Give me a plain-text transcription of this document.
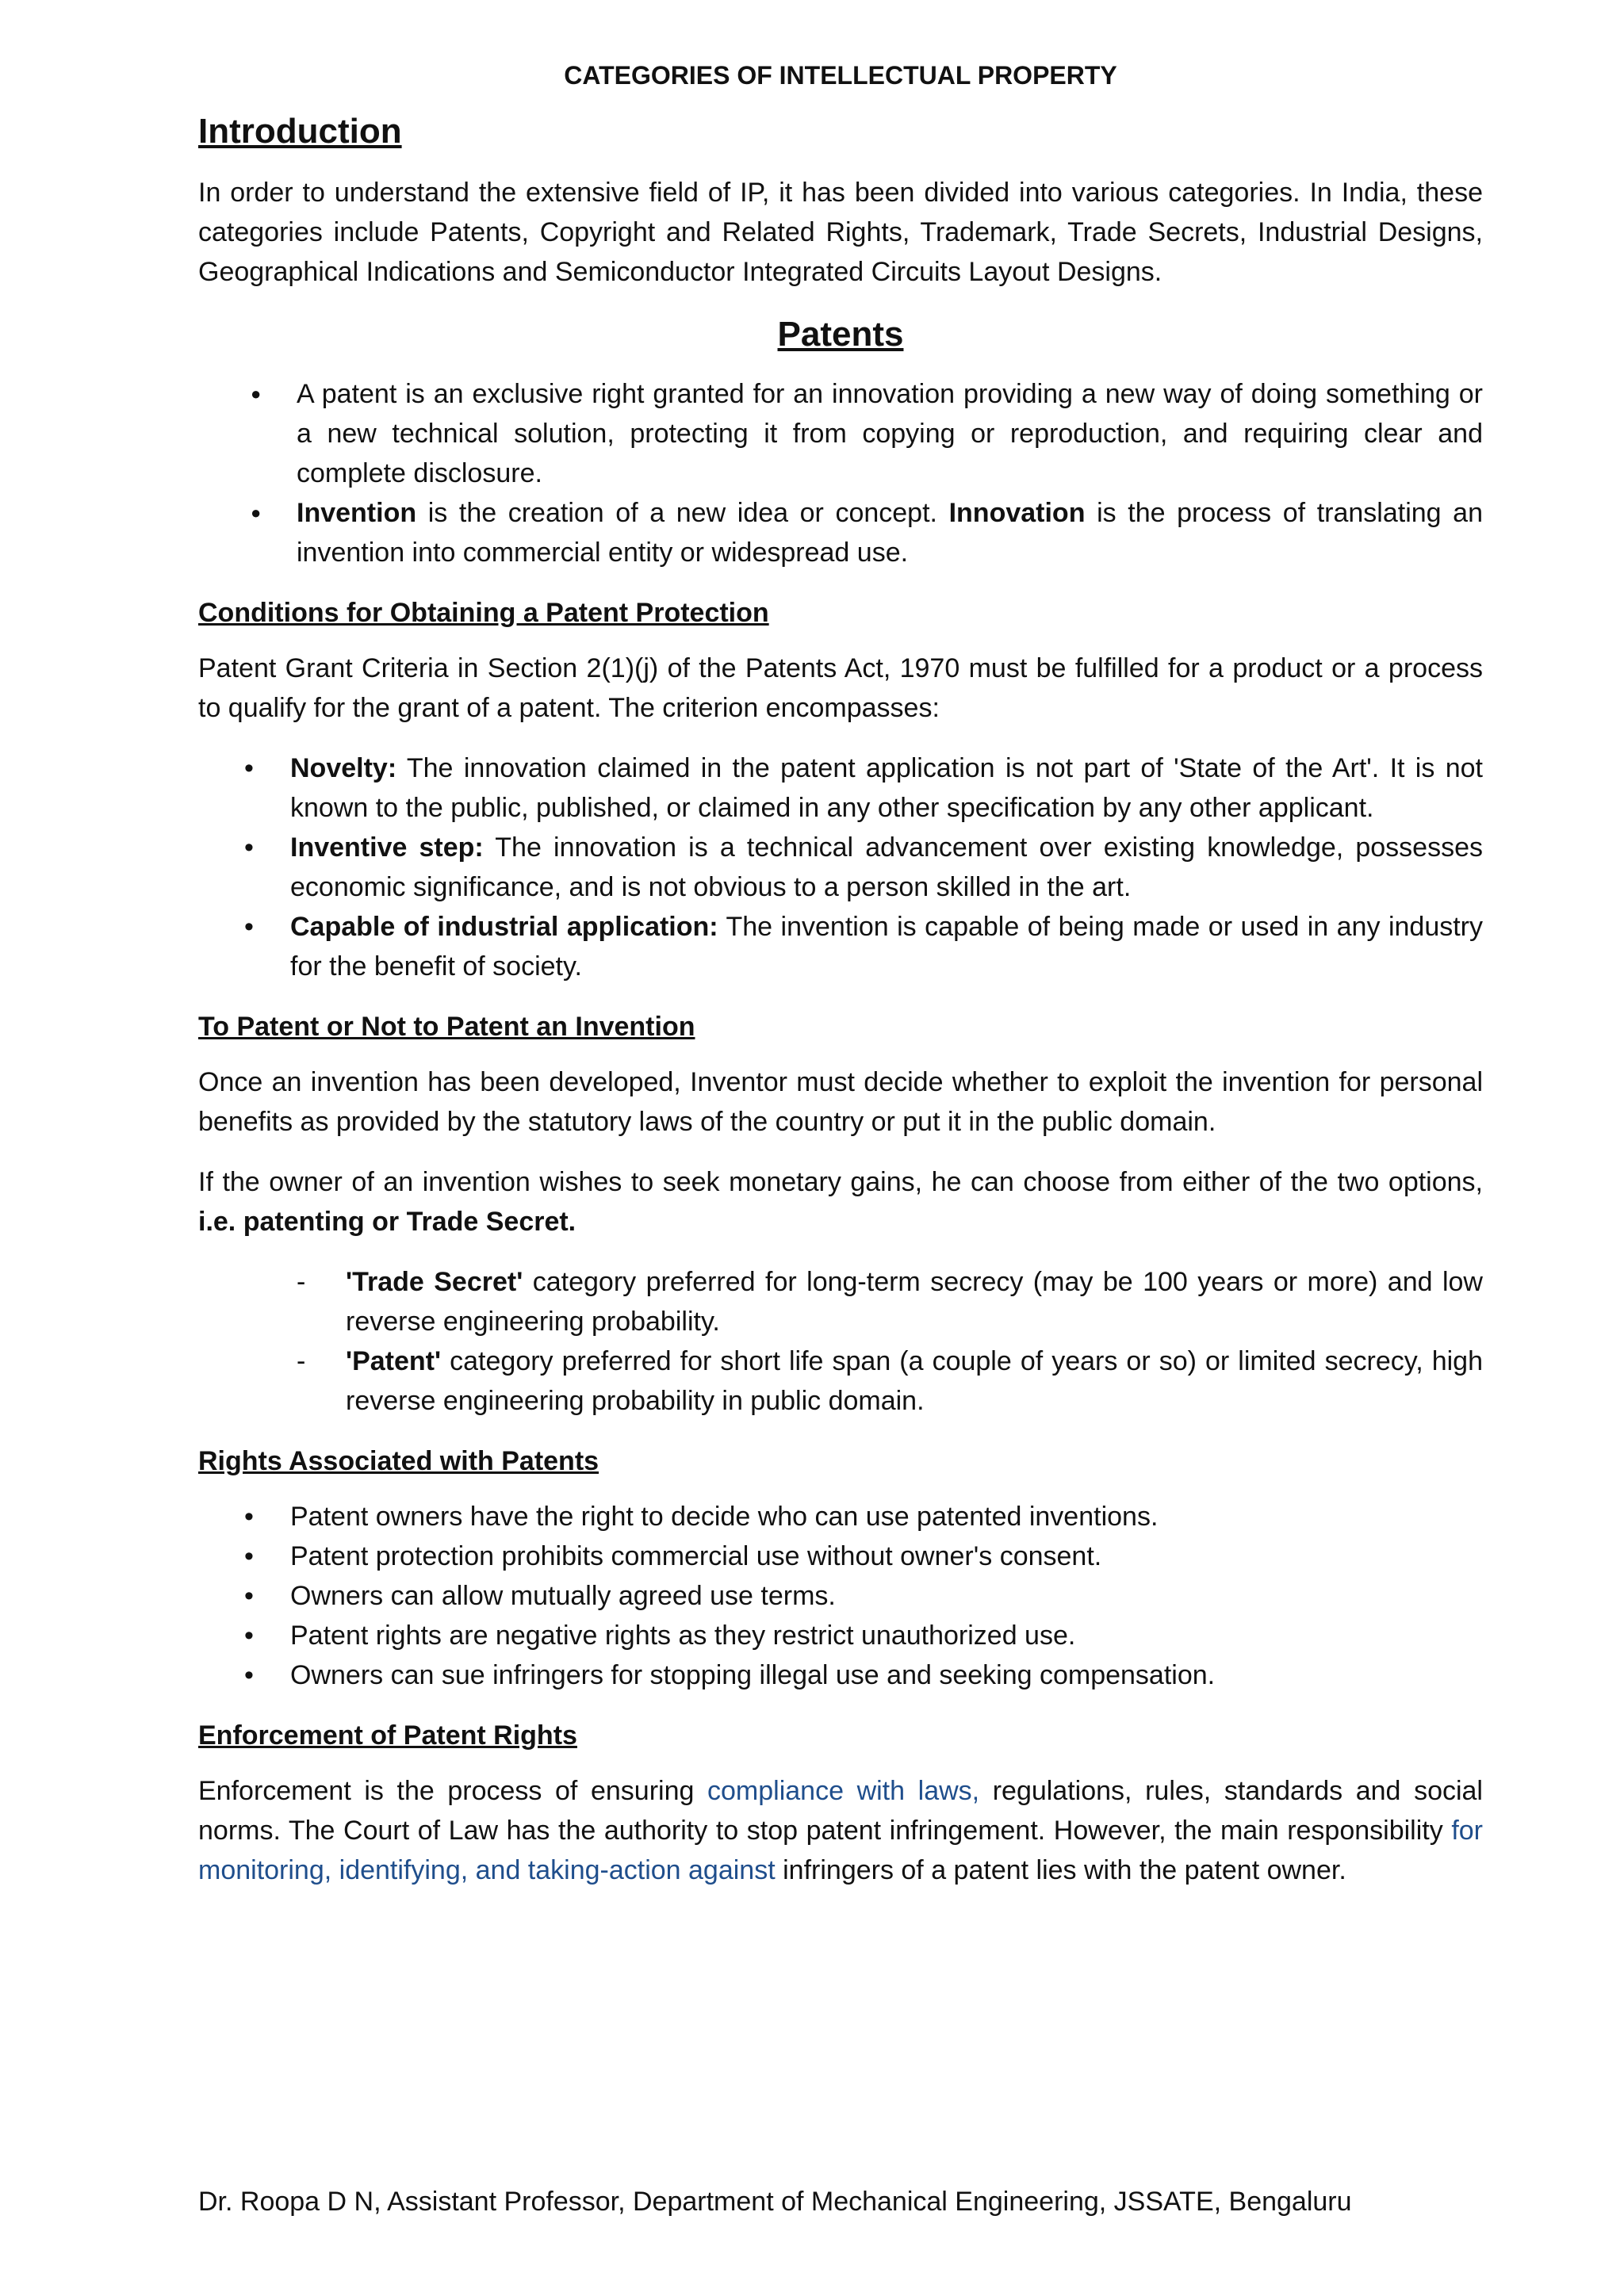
CATEGORIES OF INTELLECTUAL PROPERTY
Introduction

In order to understand the extensive field of IP, it has been divided into various categories. In India, these categories include Patents, Copyright and Related Rights, Trademark, Trade Secrets, Industrial Designs, Geographical Indications and Semiconductor Integrated Circuits Layout Designs.

Patents
● A patent is an exclusive right granted for an innovation providing a new way of doing something or a new technical solution, protecting it from copying or reproduction, and requiring clear and complete disclosure.
● Invention is the creation of a new idea or concept. Innovation is the process of translating an invention into commercial entity or widespread use.
Conditions for Obtaining a Patent Protection

Patent Grant Criteria in Section 2(1)(j) of the Patents Act, 1970 must be fulfilled for a product or a process to qualify for the grant of a patent. The criterion encompasses:

• Novelty: The innovation claimed in the patent application is not part of 'State of the Art'. It is not known to the public, published, or claimed in any other specification by any other applicant.
• Inventive step: The innovation is a technical advancement over existing knowledge, possesses economic significance, and is not obvious to a person skilled in the art.
• Capable of industrial application: The invention is capable of being made or used in any industry for the benefit of society.
To Patent or Not to Patent an Invention

Once an invention has been developed, Inventor must decide whether to exploit the invention for personal benefits as provided by the statutory laws of the country or put it in the public domain.

If the owner of an invention wishes to seek monetary gains, he can choose from either of the two options, i.e. patenting or Trade Secret.

- 'Trade Secret' category preferred for long-term secrecy (may be 100 years or more) and low reverse engineering probability.
- 'Patent' category preferred for short life span (a couple of years or so) or limited secrecy, high reverse engineering probability in public domain.
Rights Associated with Patents
• Patent owners have the right to decide who can use patented inventions.
• Patent protection prohibits commercial use without owner's consent.
• Owners can allow mutually agreed use terms.
• Patent rights are negative rights as they restrict unauthorized use.
• Owners can sue infringers for stopping illegal use and seeking compensation.
Enforcement of Patent Rights

Enforcement is the process of ensuring compliance with laws, regulations, rules, standards and social norms. The Court of Law has the authority to stop patent infringement. However, the main responsibility for monitoring, identifying, and taking-action against infringers of a patent lies with the patent owner.

Dr. Roopa D N, Assistant Professor, Department of Mechanical Engineering, JSSATE, Bengaluru
